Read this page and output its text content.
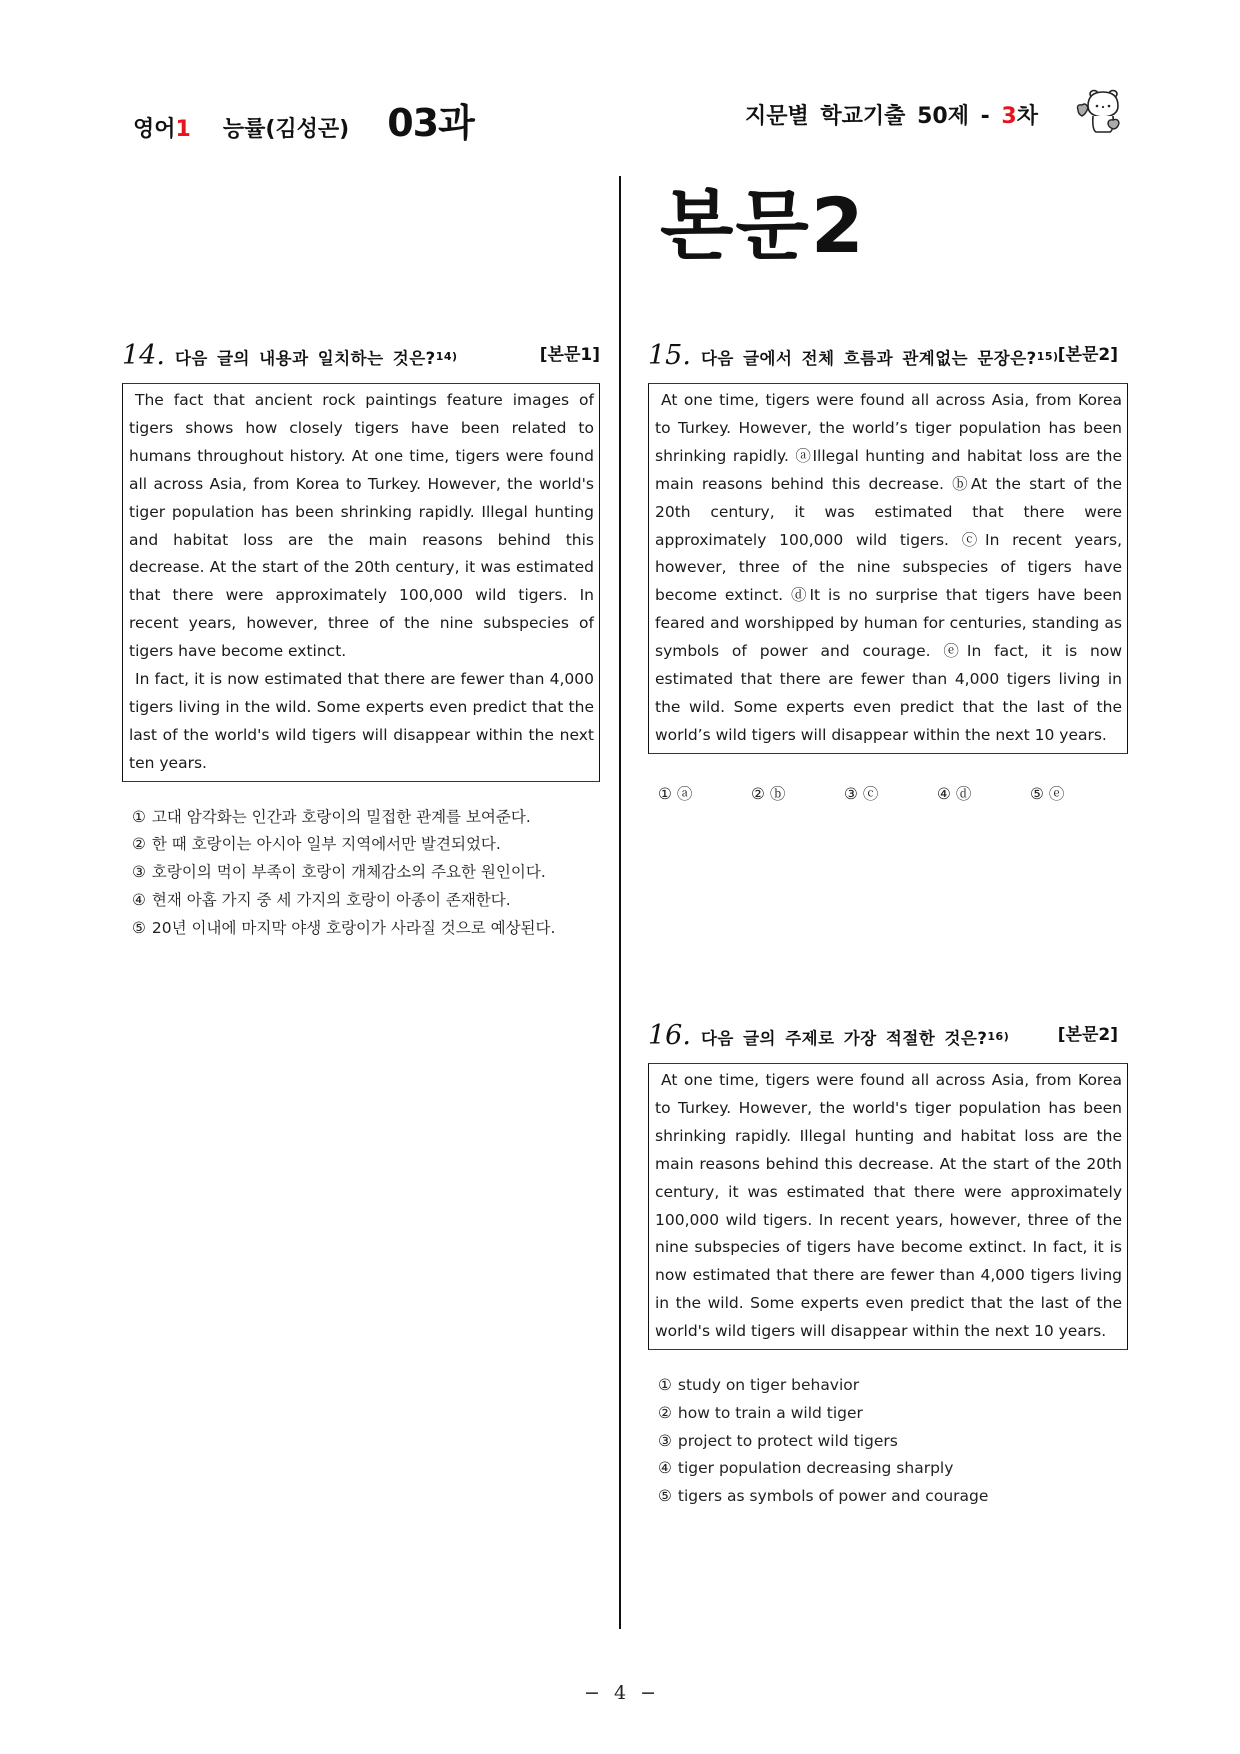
영어1 능률(김성곤) 03과	지문별 학교기출 50제 - 3차
본문2
14. 다음 글의 내용과 일치하는 것은?$^{14)}$	[본문1]

The fact that ancient rock paintings feature images of tigers shows how closely tigers have been related to humans throughout history. At one time, tigers were found all across Asia, from Korea to Turkey. However, the world's tiger population has been shrinking rapidly. Illegal hunting and habitat loss are the main reasons behind this decrease. At the start of the 20th century, it was estimated that there were approximately 100,000 wild tigers. In recent years, however, three of the nine subspecies of tigers have become extinct.

In fact, it is now estimated that there are fewer than 4,000 tigers living in the wild. Some experts even predict that the last of the world's wild tigers will disappear within the next ten years.

① 고대 암각화는 인간과 호랑이의 밀접한 관계를 보여준다.
② 한 때 호랑이는 아시아 일부 지역에서만 발견되었다.
③ 호랑이의 먹이 부족이 호랑이 개체감소의 주요한 원인이다.
④ 현재 아홉 가지 중 세 가지의 호랑이 아종이 존재한다.
⑤ 20년 이내에 마지막 야생 호랑이가 사라질 것으로 예상된다.
15. 다음 글에서 전체 흐름과 관계없는 문장은?$^{15)}$ [본문2]

At one time, tigers were found all across Asia, from Korea to Turkey. However, the world’s tiger population has been shrinking rapidly. ⓐIllegal hunting and habitat loss are the main reasons behind this decrease. ⓑAt the start of the 20th century, it was estimated that there were approximately 100,000 wild tigers. ⓒIn recent years, however, three of the nine subspecies of tigers have become extinct. ⓓIt is no surprise that tigers have been feared and worshipped by human for centuries, standing as symbols of power and courage. ⓔIn fact, it is now estimated that there are fewer than 4,000 tigers living in the wild. Some experts even predict that the last of the world’s wild tigers will disappear within the next 10 years.

① ⓐ	② ⓑ	③ ⓒ	④ ⓓ	⑤ ⓔ
16. 다음 글의 주제로 가장 적절한 것은?$^{16)}$	[본문2]

At one time, tigers were found all across Asia, from Korea to Turkey. However, the world's tiger population has been shrinking rapidly. Illegal hunting and habitat loss are the main reasons behind this decrease. At the start of the 20th century, it was estimated that there were approximately 100,000 wild tigers. In recent years, however, three of the nine subspecies of tigers have become extinct. In fact, it is now estimated that there are fewer than 4,000 tigers living in the wild. Some experts even predict that the last of the world's wild tigers will disappear within the next 10 years.

① study on tiger behavior
② how to train a wild tiger
③ project to protect wild tigers
④ tiger population decreasing sharply
⑤ tigers as symbols of power and courage
− 4 −
